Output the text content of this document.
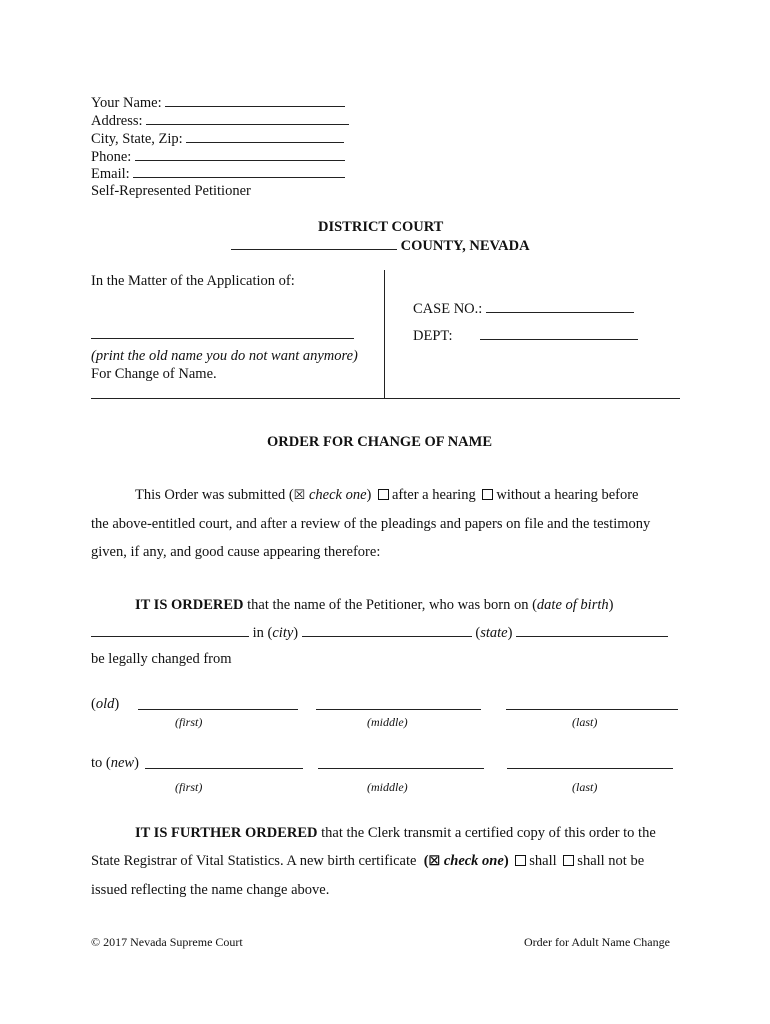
Your Name:
Address:
City, State, Zip:
Phone:
Email:
Self-Represented Petitioner
DISTRICT COURT
COUNTY, NEVADA
In the Matter of the Application of:
(print the old name you do not want anymore)
For Change of Name.
CASE NO.:
DEPT:
ORDER FOR CHANGE OF NAME
This Order was submitted (☒ check one) after a hearing without a hearing before
the above-entitled court, and after a review of the pleadings and papers on file and the testimony
given, if any, and good cause appearing therefore:
IT IS ORDERED that the name of the Petitioner, who was born on (date of birth)
in (city)	(state)
be legally changed from
(old)
(first)	(middle)	(last)
to (new)
(first)	(middle)	(last)
IT IS FURTHER ORDERED that the Clerk transmit a certified copy of this order to the
State Registrar of Vital Statistics. A new birth certificate  (☒ check one) shall shall not be
issued reflecting the name change above.
© 2017 Nevada Supreme Court	Order for Adult Name Change
